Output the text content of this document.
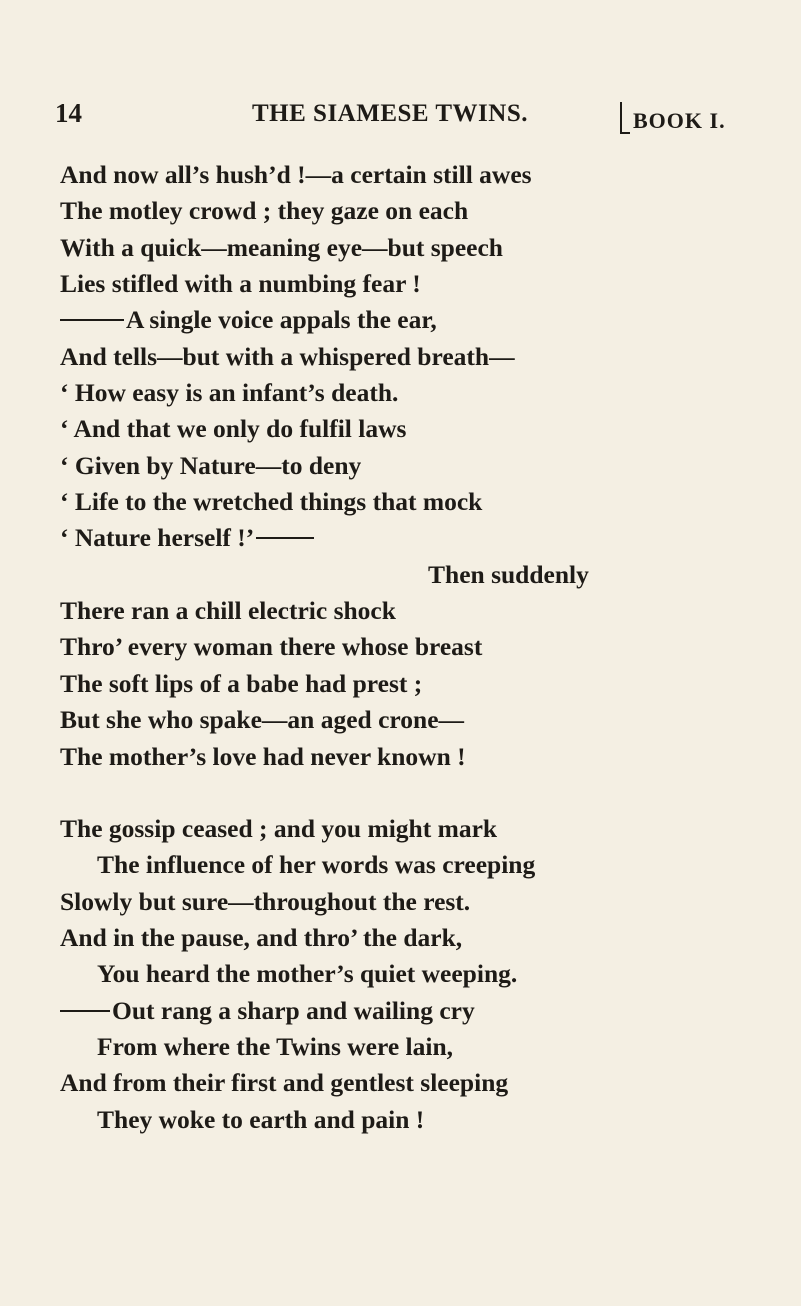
14	THE SIAMESE TWINS.	BOOK I.
And now all’s hush’d !—a certain still awes
The motley crowd ; they gaze on each
With a quick—meaning eye—but speech
Lies stifled with a numbing fear !
A single voice appals the ear,
And tells—but with a whispered breath—
‘ How easy is an infant’s death.
‘ And that we only do fulfil laws
‘ Given by Nature—to deny
‘ Life to the wretched things that mock
‘ Nature herself !’
Then suddenly
There ran a chill electric shock
Thro’ every woman there whose breast
The soft lips of a babe had prest ;
But she who spake—an aged crone—
The mother’s love had never known !
The gossip ceased ; and you might mark
The influence of her words was creeping
Slowly but sure—throughout the rest.
And in the pause, and thro’ the dark,
You heard the mother’s quiet weeping.
Out rang a sharp and wailing cry
From where the Twins were lain,
And from their first and gentlest sleeping
They woke to earth and pain !
